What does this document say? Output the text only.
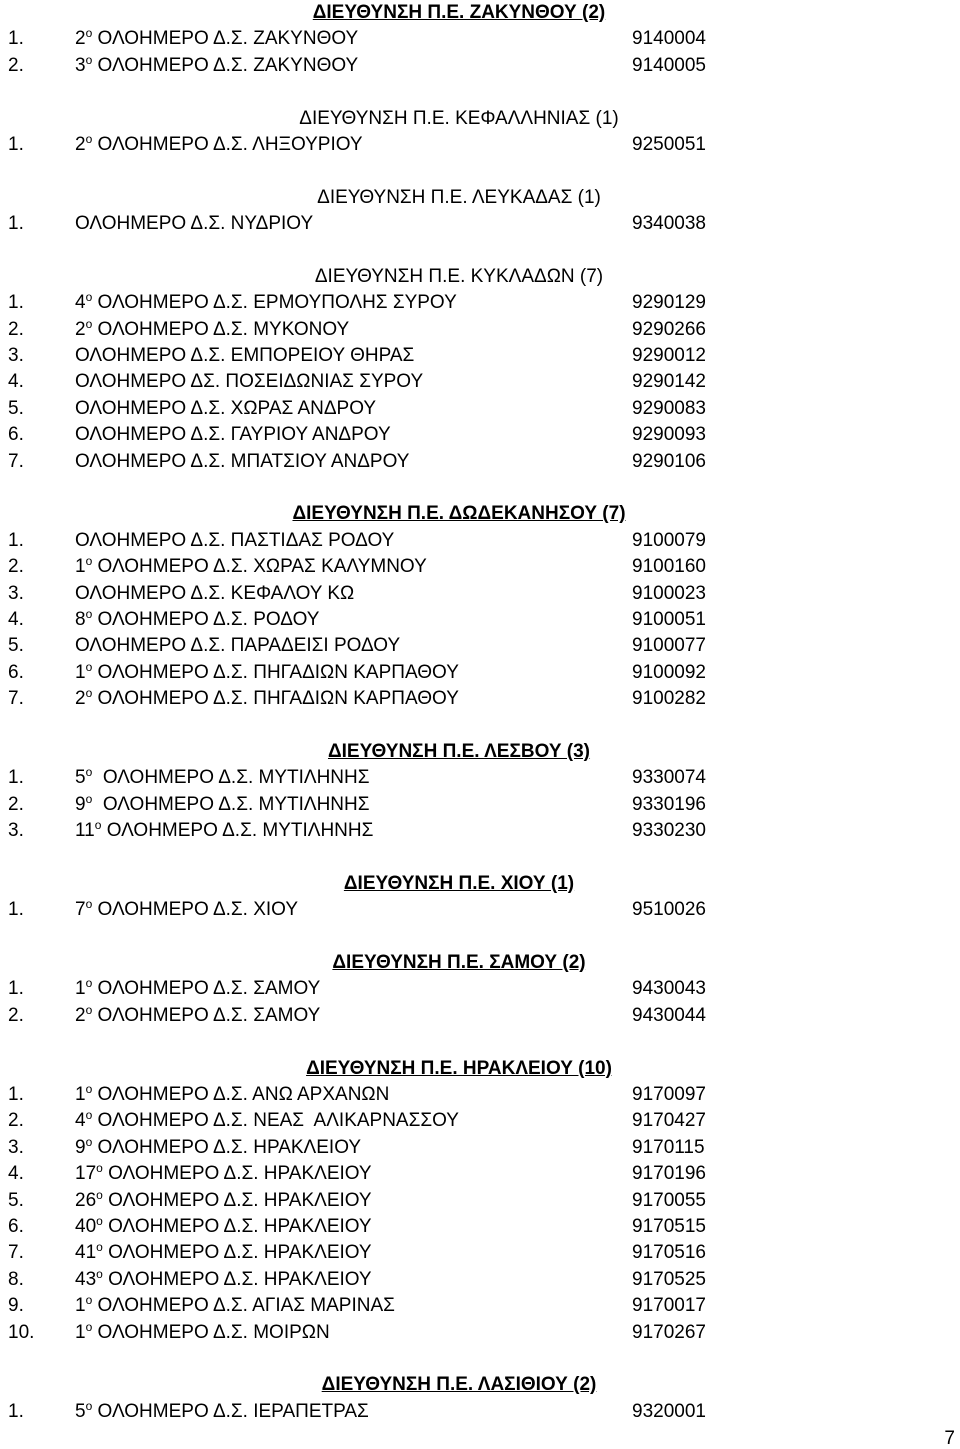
ΔΙΕΥΘΥΝΣΗ Π.Ε. ΖΑΚΥΝΘΟΥ (2)
1.	$2^o$ ΟΛΟΗΜΕΡΟ Δ.Σ. ΖΑΚΥΝΘΟΥ	9140004
2.	$3^o$ ΟΛΟΗΜΕΡΟ Δ.Σ. ΖΑΚΥΝΘΟΥ	9140005
ΔΙΕΥΘΥΝΣΗ Π.Ε. ΚΕΦΑΛΛΗΝΙΑΣ (1)
1.	$2^o$ ΟΛΟΗΜΕΡΟ Δ.Σ. ΛΗΞΟΥΡΙΟΥ	9250051
ΔΙΕΥΘΥΝΣΗ Π.Ε. ΛΕΥΚΑΔΑΣ (1)
1.	ΟΛΟΗΜΕΡΟ Δ.Σ. ΝΥΔΡΙΟΥ	9340038
ΔΙΕΥΘΥΝΣΗ Π.Ε. ΚΥΚΛΑΔΩΝ (7)
1.	$4^o$ ΟΛΟΗΜΕΡΟ Δ.Σ. ΕΡΜΟΥΠΟΛΗΣ ΣΥΡΟΥ	9290129
2.	$2^o$ ΟΛΟΗΜΕΡΟ Δ.Σ. ΜΥΚΟΝΟΥ	9290266
3.	ΟΛΟΗΜΕΡΟ Δ.Σ. ΕΜΠΟΡΕΙΟΥ ΘΗΡΑΣ	9290012
4.	ΟΛΟΗΜΕΡΟ ΔΣ. ΠΟΣΕΙΔΩΝΙΑΣ ΣΥΡΟΥ	9290142
5.	ΟΛΟΗΜΕΡΟ Δ.Σ. ΧΩΡΑΣ ΑΝΔΡΟΥ	9290083
6.	ΟΛΟΗΜΕΡΟ Δ.Σ. ΓΑΥΡΙΟΥ ΑΝΔΡΟΥ	9290093
7.	ΟΛΟΗΜΕΡΟ Δ.Σ. ΜΠΑΤΣΙΟΥ ΑΝΔΡΟΥ	9290106
ΔΙΕΥΘΥΝΣΗ Π.Ε. ΔΩΔΕΚΑΝΗΣΟΥ (7)
1.	ΟΛΟΗΜΕΡΟ Δ.Σ. ΠΑΣΤΙΔΑΣ ΡΟΔΟΥ	9100079
2.	$1^o$ ΟΛΟΗΜΕΡΟ Δ.Σ. ΧΩΡΑΣ ΚΑΛΥΜΝΟΥ	9100160
3.	ΟΛΟΗΜΕΡΟ Δ.Σ. ΚΕΦΑΛΟΥ ΚΩ	9100023
4.	$8^o$ ΟΛΟΗΜΕΡΟ Δ.Σ. ΡΟΔΟΥ	9100051
5.	ΟΛΟΗΜΕΡΟ Δ.Σ. ΠΑΡΑΔΕΙΣΙ ΡΟΔΟΥ	9100077
6.	$1^o$ ΟΛΟΗΜΕΡΟ Δ.Σ. ΠΗΓΑΔΙΩΝ ΚΑΡΠΑΘΟΥ	9100092
7.	$2^o$ ΟΛΟΗΜΕΡΟ Δ.Σ. ΠΗΓΑΔΙΩΝ ΚΑΡΠΑΘΟΥ	9100282
ΔΙΕΥΘΥΝΣΗ Π.Ε. ΛΕΣΒΟΥ (3)
1.	$5^o$  ΟΛΟΗΜΕΡΟ Δ.Σ. ΜΥΤΙΛΗΝΗΣ	9330074
2.	$9^o$  ΟΛΟΗΜΕΡΟ Δ.Σ. ΜΥΤΙΛΗΝΗΣ	9330196
3.	$11^o$ ΟΛΟΗΜΕΡΟ Δ.Σ. ΜΥΤΙΛΗΝΗΣ	9330230
ΔΙΕΥΘΥΝΣΗ Π.Ε. ΧΙΟΥ (1)
1.	$7^o$ ΟΛΟΗΜΕΡΟ Δ.Σ. ΧΙΟΥ	9510026
ΔΙΕΥΘΥΝΣΗ Π.Ε. ΣΑΜΟΥ (2)
1.	$1^o$ ΟΛΟΗΜΕΡΟ Δ.Σ. ΣΑΜΟΥ	9430043
2.	$2^o$ ΟΛΟΗΜΕΡΟ Δ.Σ. ΣΑΜΟΥ	9430044
ΔΙΕΥΘΥΝΣΗ Π.Ε. ΗΡΑΚΛΕΙΟΥ (10)
1.	$1^o$ ΟΛΟΗΜΕΡΟ Δ.Σ. ΑΝΩ ΑΡΧΑΝΩΝ	9170097
2.	$4^o$ ΟΛΟΗΜΕΡΟ Δ.Σ. ΝΕΑΣ  ΑΛΙΚΑΡΝΑΣΣΟΥ	9170427
3.	$9^o$ ΟΛΟΗΜΕΡΟ Δ.Σ. ΗΡΑΚΛΕΙΟΥ	9170115
4.	$17^o$ ΟΛΟΗΜΕΡΟ Δ.Σ. ΗΡΑΚΛΕΙΟΥ	9170196
5.	$26^o$ ΟΛΟΗΜΕΡΟ Δ.Σ. ΗΡΑΚΛΕΙΟΥ	9170055
6.	$40^o$ ΟΛΟΗΜΕΡΟ Δ.Σ. ΗΡΑΚΛΕΙΟΥ	9170515
7.	$41^o$ ΟΛΟΗΜΕΡΟ Δ.Σ. ΗΡΑΚΛΕΙΟΥ	9170516
8.	$43^o$ ΟΛΟΗΜΕΡΟ Δ.Σ. ΗΡΑΚΛΕΙΟΥ	9170525
9.	$1^o$ ΟΛΟΗΜΕΡΟ Δ.Σ. ΑΓΙΑΣ ΜΑΡΙΝΑΣ	9170017
10. $1^o$ ΟΛΟΗΜΕΡΟ Δ.Σ. ΜΟΙΡΩΝ	9170267
ΔΙΕΥΘΥΝΣΗ Π.Ε. ΛΑΣΙΘΙΟΥ (2)
1.	$5^o$ ΟΛΟΗΜΕΡΟ Δ.Σ. ΙΕΡΑΠΕΤΡΑΣ	9320001
7
